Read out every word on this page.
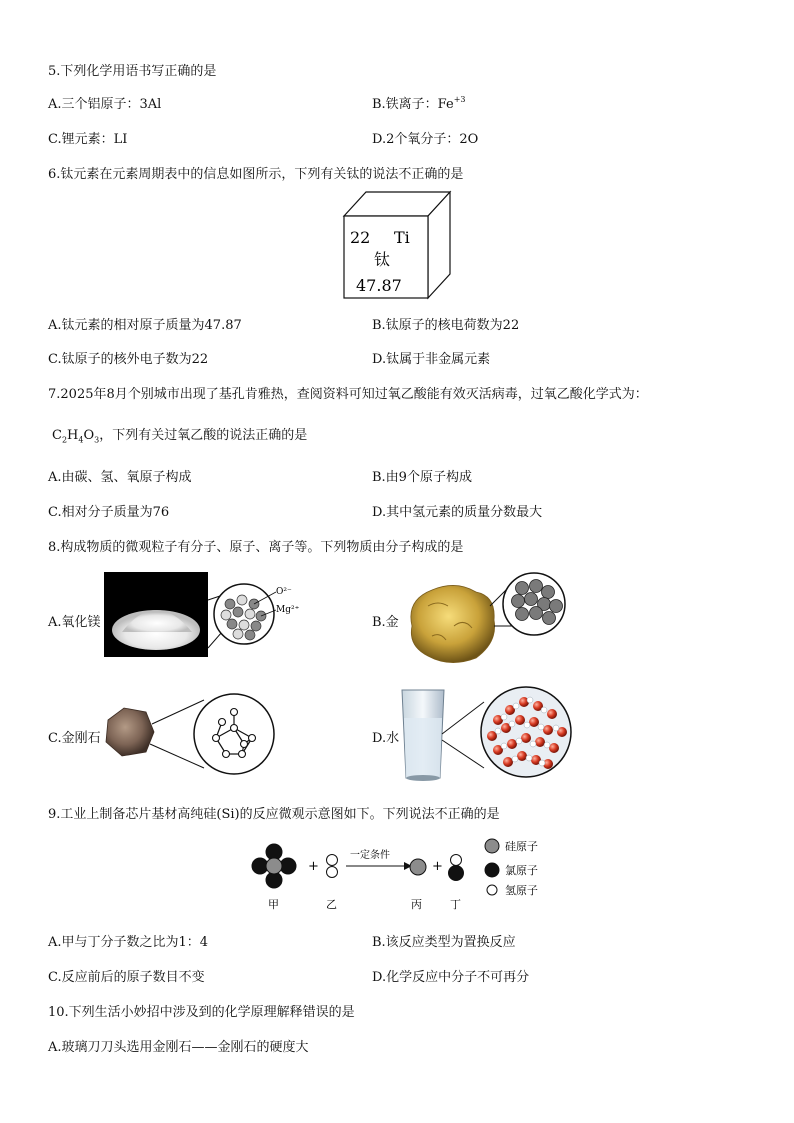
5.下列化学用语书写正确的是
A.三个铝原子：3Al	B.铁离子：$Fe^{+3}$
C.锂元素：LI	D.2个氧分子：2O
6.钛元素在元素周期表中的信息如图所示，下列有关钛的说法不正确的是
22 Ti
钛
47.87
A.钛元素的相对原子质量为47.87	B.钛原子的核电荷数为22
C.钛原子的核外电子数为22	D.钛属于非金属元素
7.2025年8月个别城市出现了基孔肯雅热，查阅资料可知过氧乙酸能有效灭活病毒，过氧乙酸化学式为：
$C_2H_4O_3$，下列有关过氧乙酸的说法正确的是
A.由碳、氢、氧原子构成	B.由9个原子构成
C.相对分子质量为76	D.其中氢元素的质量分数最大
8.构成物质的微观粒子有分子、原子、离子等。下列物质由分子构成的是
A.氧化镁
O²⁻
Mg²⁺
B.金
C.金刚石	D.水
9.工业上制备芯片基材高纯硅(Si)的反应微观示意图如下。下列说法不正确的是
+
一定条件
+
甲	乙	丙	丁
硅原子
氯原子
氢原子
A.甲与丁分子数之比为1：4	B.该反应类型为置换反应
C.反应前后的原子数目不变	D.化学反应中分子不可再分
10.下列生活小妙招中涉及到的化学原理解释错误的是
A.玻璃刀刀头选用金刚石——金刚石的硬度大
